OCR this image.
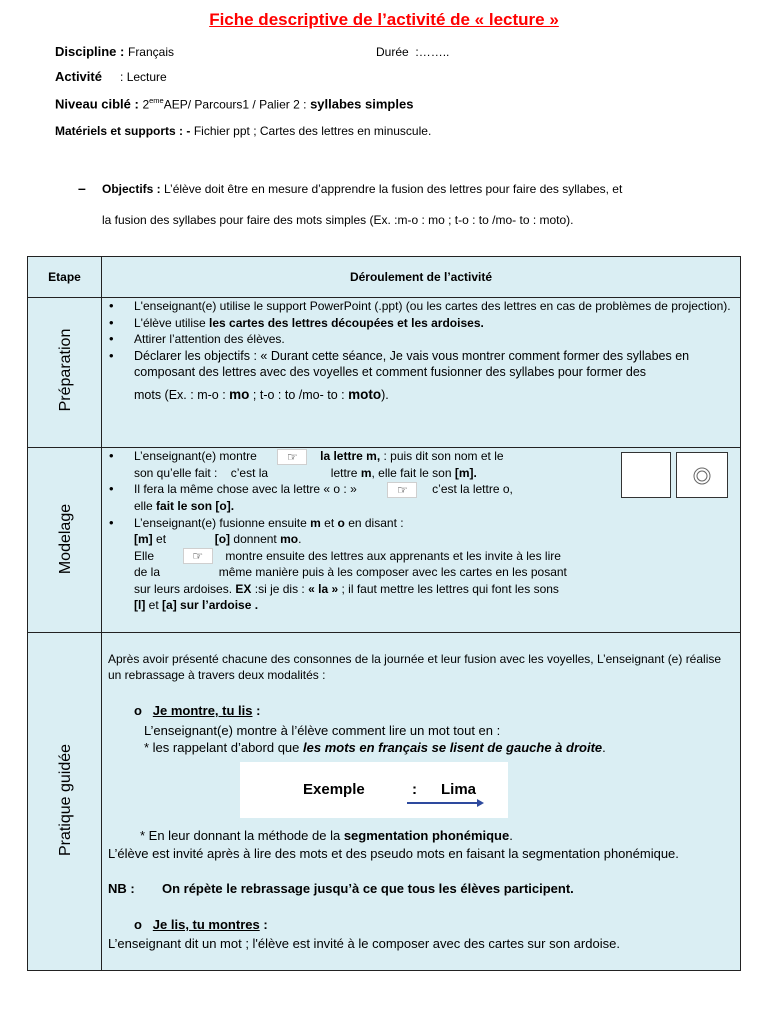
Fiche descriptive de l’activité de « lecture »
Discipline : Français	Durée :……..
Activité : Lecture
Niveau ciblé : 2emeAEP/ Parcours1 / Palier 2 : syllabes simples
Matériels et supports : - Fichier ppt ; Cartes des lettres en minuscule.
– Objectifs : L’élève doit être en mesure d’apprendre la fusion des lettres pour faire des syllabes, et
la fusion des syllabes pour faire des mots simples (Ex. :m-o : mo ; t-o : to /mo- to : moto).
Etape	Déroulement de l’activité
Préparation
• L'enseignant(e) utilise le support PowerPoint (.ppt) (ou les cartes des lettres en cas de problèmes de projection).
• L'élève utilise les cartes des lettres découpées et les ardoises.
• Attirer l’attention des élèves.
• Déclarer les objectifs : « Durant cette séance, Je vais vous montrer comment former des syllabes en composant des lettres avec des voyelles et comment fusionner des syllabes pour former des
mots (Ex. : m-o : mo ; t-o : to /mo- to : moto).
Modelage
• L’enseignant(e) montre	☞ la lettre m, : puis dit son nom et le
son qu’elle fait : c’est la	lettre m, elle fait le son [m].
• Il fera la même chose avec la lettre « o : »	☞ c’est la lettre o,
elle fait le son [o].
• L’enseignant(e) fusionne ensuite m et o en disant :
[m] et	[o] donnent mo.
Elle	☞ montre ensuite des lettres aux apprenants et les invite à les lire
de la	même manière puis à les composer avec les cartes en les posant
sur leurs ardoises. EX :si je dis : « la » ; il faut mettre les lettres qui font les sons
[l] et [a] sur l’ardoise .
Pratique guidée
Après avoir présenté chacune des consonnes de la journée et leur fusion avec les voyelles, L’enseignant (e) réalise un rebrassage à travers deux modalités :
o Je montre, tu lis :
L’enseignant(e) montre à l’élève comment lire un mot tout en :
* les rappelant d’abord que les mots en français se lisent de gauche à droite.
* En leur donnant la méthode de la segmentation phonémique.
L’élève est invité après à lire des mots et des pseudo mots en faisant la segmentation phonémique.
NB : On répète le rebrassage jusqu’à ce que tous les élèves participent.
o Je lis, tu montres :
L’enseignant dit un mot ; l'élève est invité à le composer avec des cartes sur son ardoise.
Exemple	: Lima
